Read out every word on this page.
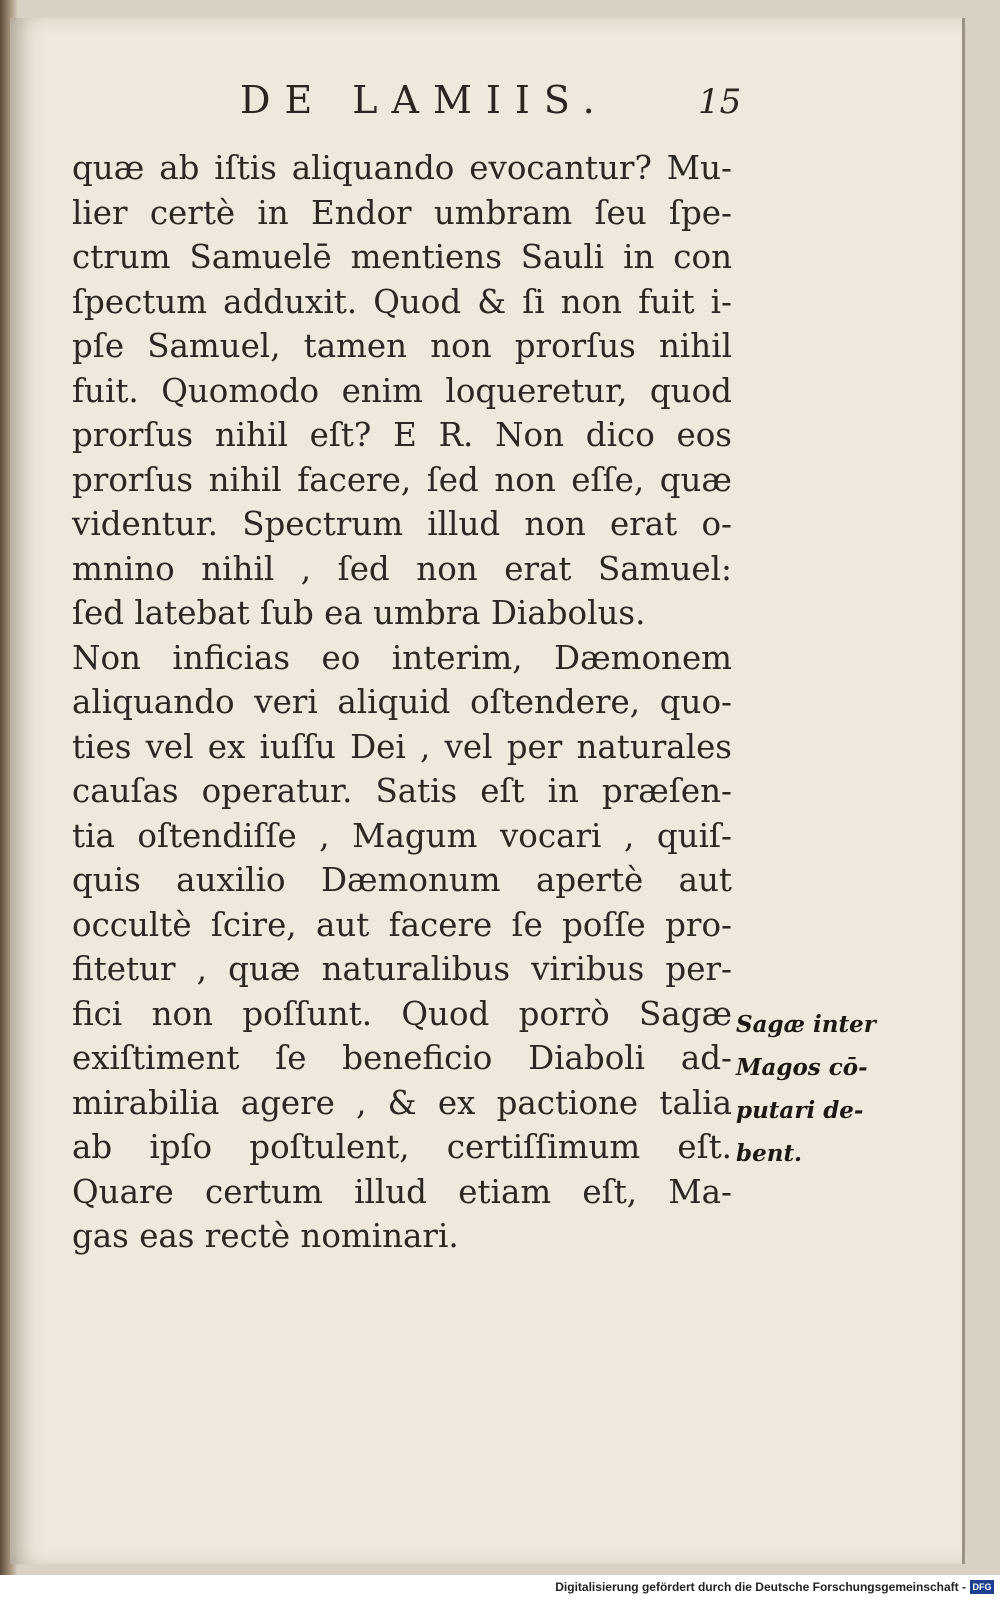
DE LAMIIS.	15
quæ ab iſtis aliquando evocantur? Mu-
lier certè in Endor umbram ſeu ſpe-
ctrum Samuelē mentiens Sauli in con
ſpectum adduxit. Quod & ſi non fuit i-
pſe Samuel, tamen non prorſus nihil
fuit. Quomodo enim loqueretur, quod
prorſus nihil eſt? E R. Non dico eos
prorſus nihil facere, ſed non eſſe, quæ
videntur. Spectrum illud non erat o-
mnino nihil , ſed non erat Samuel:
ſed latebat ſub ea umbra Diabolus.
Non inficias eo interim, Dæmonem
aliquando veri aliquid oſtendere, quo-
ties vel ex iuſſu Dei , vel per naturales
cauſas operatur. Satis eſt in præſen-
tia oſtendiſſe , Magum vocari , quiſ-
quis auxilio Dæmonum apertè aut
occultè ſcire, aut facere ſe poſſe pro-
fitetur , quæ naturalibus viribus per-
fici non poſſunt. Quod porrò Sagæ
exiſtiment ſe beneficio Diaboli ad-
mirabilia agere , & ex pactione talia
ab ipſo poſtulent, certiſſimum eſt.
Quare certum illud etiam eſt, Ma-
gas eas rectè nominari.
Sagæ inter
Magos cō-
putari de-
bent.
Digitalisierung gefördert durch die Deutsche Forschungsgemeinschaft - DFG
